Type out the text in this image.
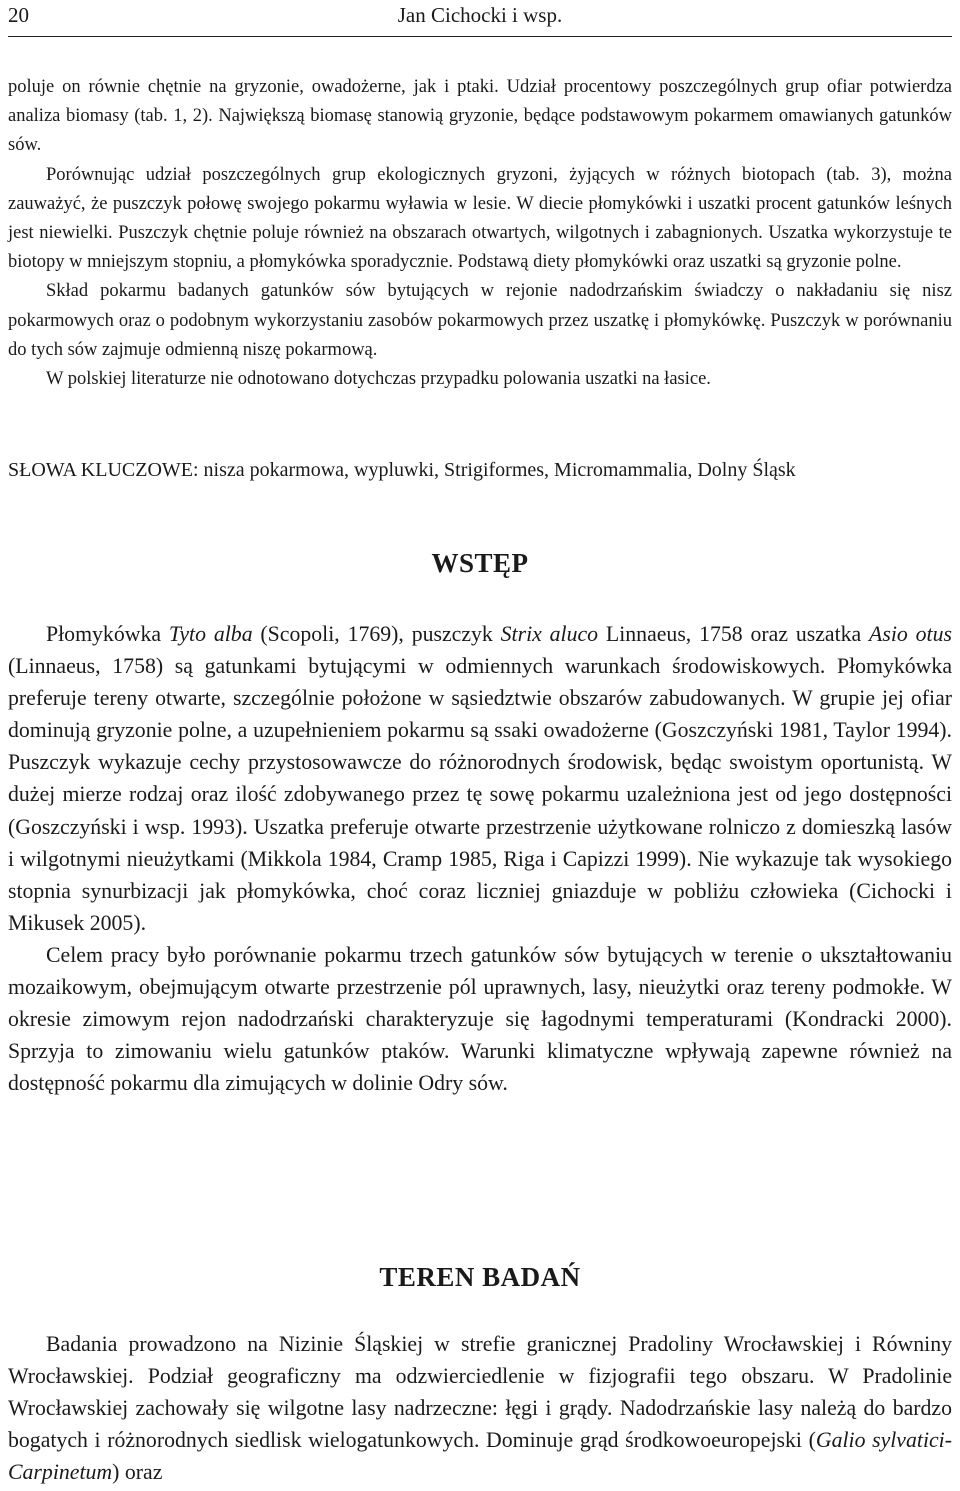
20	Jan Cichocki i wsp.

poluje on równie chętnie na gryzonie, owadożerne, jak i ptaki. Udział procentowy poszczególnych grup ofiar potwierdza analiza biomasy (tab. 1, 2). Największą biomasę stanowią gryzonie, będące podstawowym pokarmem omawianych gatunków sów.

Porównując udział poszczególnych grup ekologicznych gryzoni, żyjących w różnych biotopach (tab. 3), można zauważyć, że puszczyk połowę swojego pokarmu wyławia w lesie. W diecie płomykówki i uszatki procent gatunków leśnych jest niewielki. Puszczyk chętnie poluje również na obszarach otwartych, wilgotnych i zabagnionych. Uszatka wykorzystuje te biotopy w mniejszym stopniu, a płomykówka sporadycznie. Podstawą diety płomykówki oraz uszatki są gryzonie polne.

Skład pokarmu badanych gatunków sów bytujących w rejonie nadodrzańskim świadczy o nakładaniu się nisz pokarmowych oraz o podobnym wykorzystaniu zasobów pokarmowych przez uszatkę i płomykówkę. Puszczyk w porównaniu do tych sów zajmuje odmienną niszę pokarmową.

W polskiej literaturze nie odnotowano dotychczas przypadku polowania uszatki na łasice.

SŁOWA KLUCZOWE: nisza pokarmowa, wypluwki, Strigiformes, Micromammalia, Dolny Śląsk
WSTĘP

Płomykówka Tyto alba (Scopoli, 1769), puszczyk Strix aluco Linnaeus, 1758 oraz uszatka Asio otus (Linnaeus, 1758) są gatunkami bytującymi w odmiennych warunkach środowiskowych. Płomykówka preferuje tereny otwarte, szczególnie położone w sąsiedztwie obszarów zabudowanych. W grupie jej ofiar dominują gryzonie polne, a uzupełnieniem pokarmu są ssaki owadożerne (Goszczyński 1981, Taylor 1994). Puszczyk wykazuje cechy przystosowawcze do różnorodnych środowisk, będąc swoistym oportunistą. W dużej mierze rodzaj oraz ilość zdobywanego przez tę sowę pokarmu uzależniona jest od jego dostępności (Goszczyński i wsp. 1993). Uszatka preferuje otwarte przestrzenie użytkowane rolniczo z domieszką lasów i wilgotnymi nieużytkami (Mikkola 1984, Cramp 1985, Riga i Capizzi 1999). Nie wykazuje tak wysokiego stopnia synurbizacji jak płomykówka, choć coraz liczniej gniazduje w pobliżu człowieka (Cichocki i Mikusek 2005).

Celem pracy było porównanie pokarmu trzech gatunków sów bytujących w terenie o ukształtowaniu mozaikowym, obejmującym otwarte przestrzenie pól uprawnych, lasy, nieużytki oraz tereny podmokłe. W okresie zimowym rejon nadodrzański charakteryzuje się łagodnymi temperaturami (Kondracki 2000). Sprzyja to zimowaniu wielu gatunków ptaków. Warunki klimatyczne wpływają zapewne również na dostępność pokarmu dla zimujących w dolinie Odry sów.

TEREN BADAŃ

Badania prowadzono na Nizinie Śląskiej w strefie granicznej Pradoliny Wrocławskiej i Równiny Wrocławskiej. Podział geograficzny ma odzwierciedlenie w fizjografii tego obszaru. W Pradolinie Wrocławskiej zachowały się wilgotne lasy nadrzeczne: łęgi i grądy. Nadodrzańskie lasy należą do bardzo bogatych i różnorodnych siedlisk wielogatunkowych. Dominuje grąd środkowoeuropejski (Galio sylvatici-Carpinetum) oraz
